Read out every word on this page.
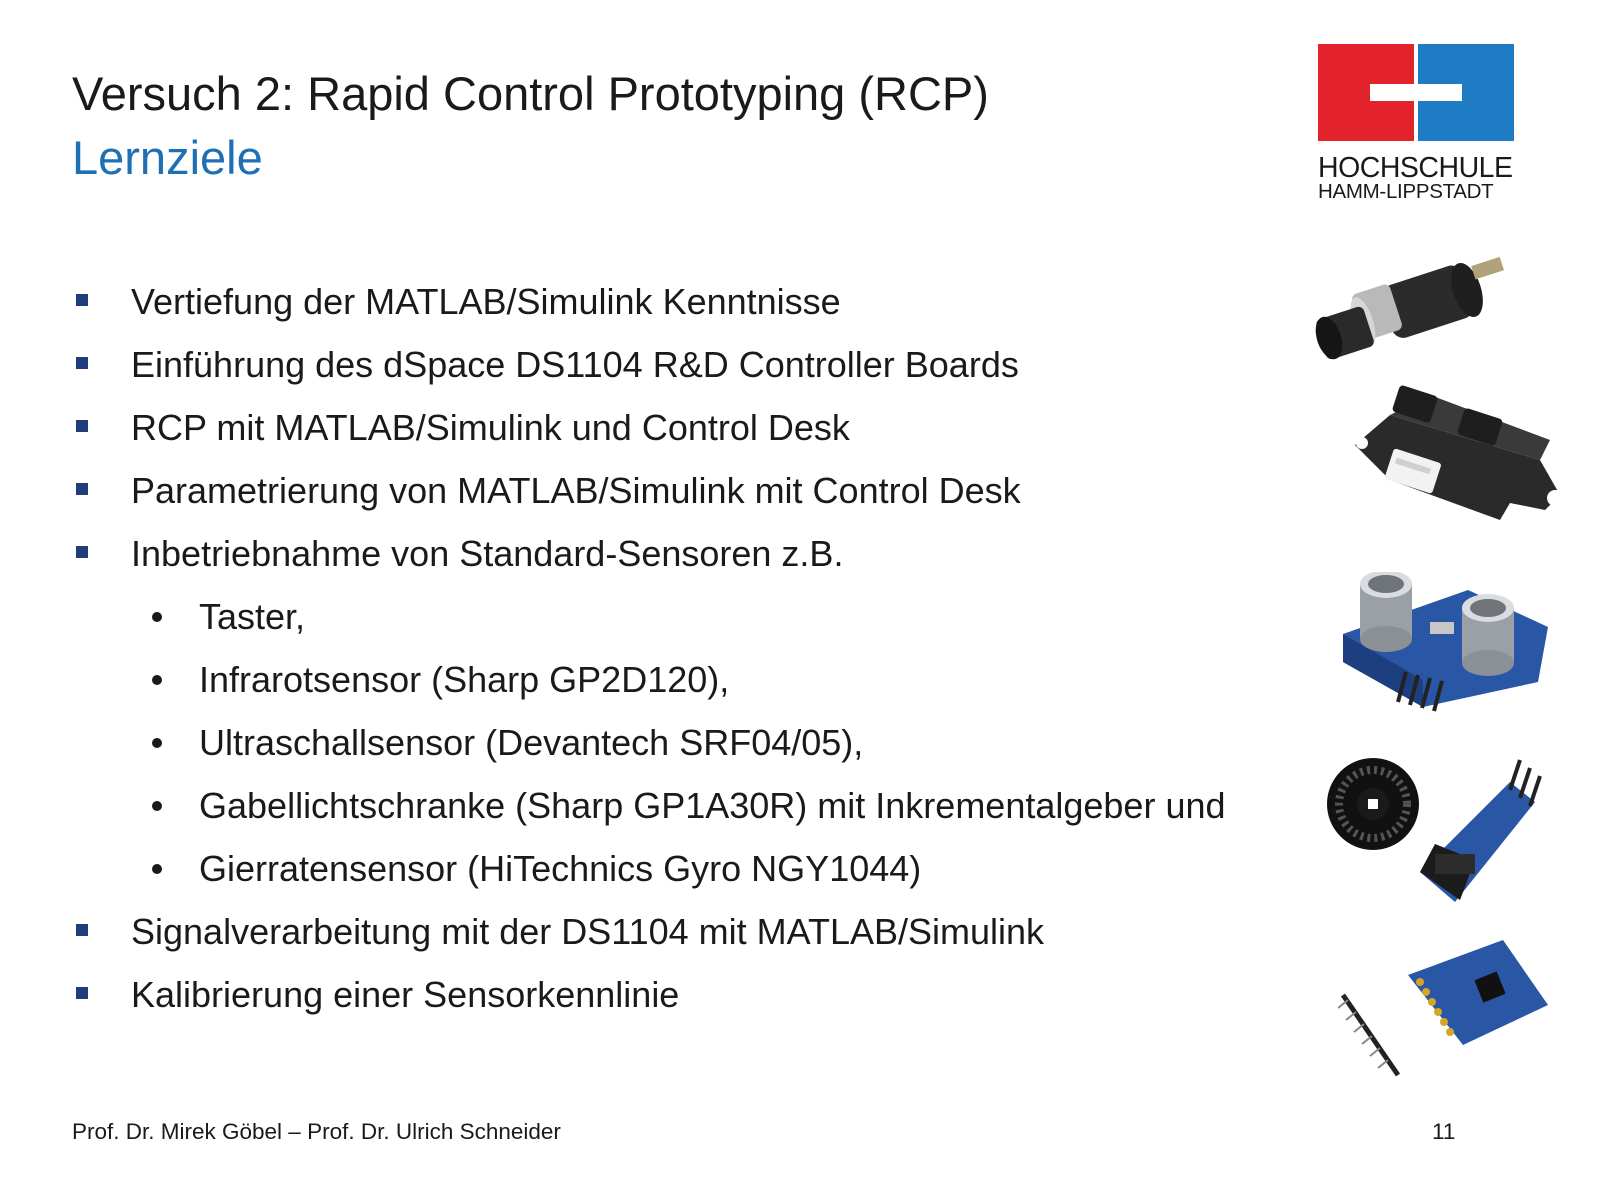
Versuch 2: Rapid Control Prototyping (RCP)
Lernziele	HOCHSCHULE
HAMM-LIPPSTADT
Vertiefung der MATLAB/Simulink Kenntnisse
Einführung des dSpace DS1104 R&D Controller Boards
RCP mit MATLAB/Simulink und Control Desk
Parametrierung von MATLAB/Simulink mit Control Desk
Inbetriebnahme von Standard-Sensoren z.B.
Taster,
Infrarotsensor (Sharp GP2D120),
Ultraschallsensor (Devantech SRF04/05),
Gabellichtschranke (Sharp GP1A30R) mit Inkrementalgeber und
Gierratensensor (HiTechnics Gyro NGY1044)
Signalverarbeitung mit der DS1104 mit MATLAB/Simulink
Kalibrierung einer Sensorkennlinie
Prof. Dr. Mirek Göbel – Prof. Dr. Ulrich Schneider	11
